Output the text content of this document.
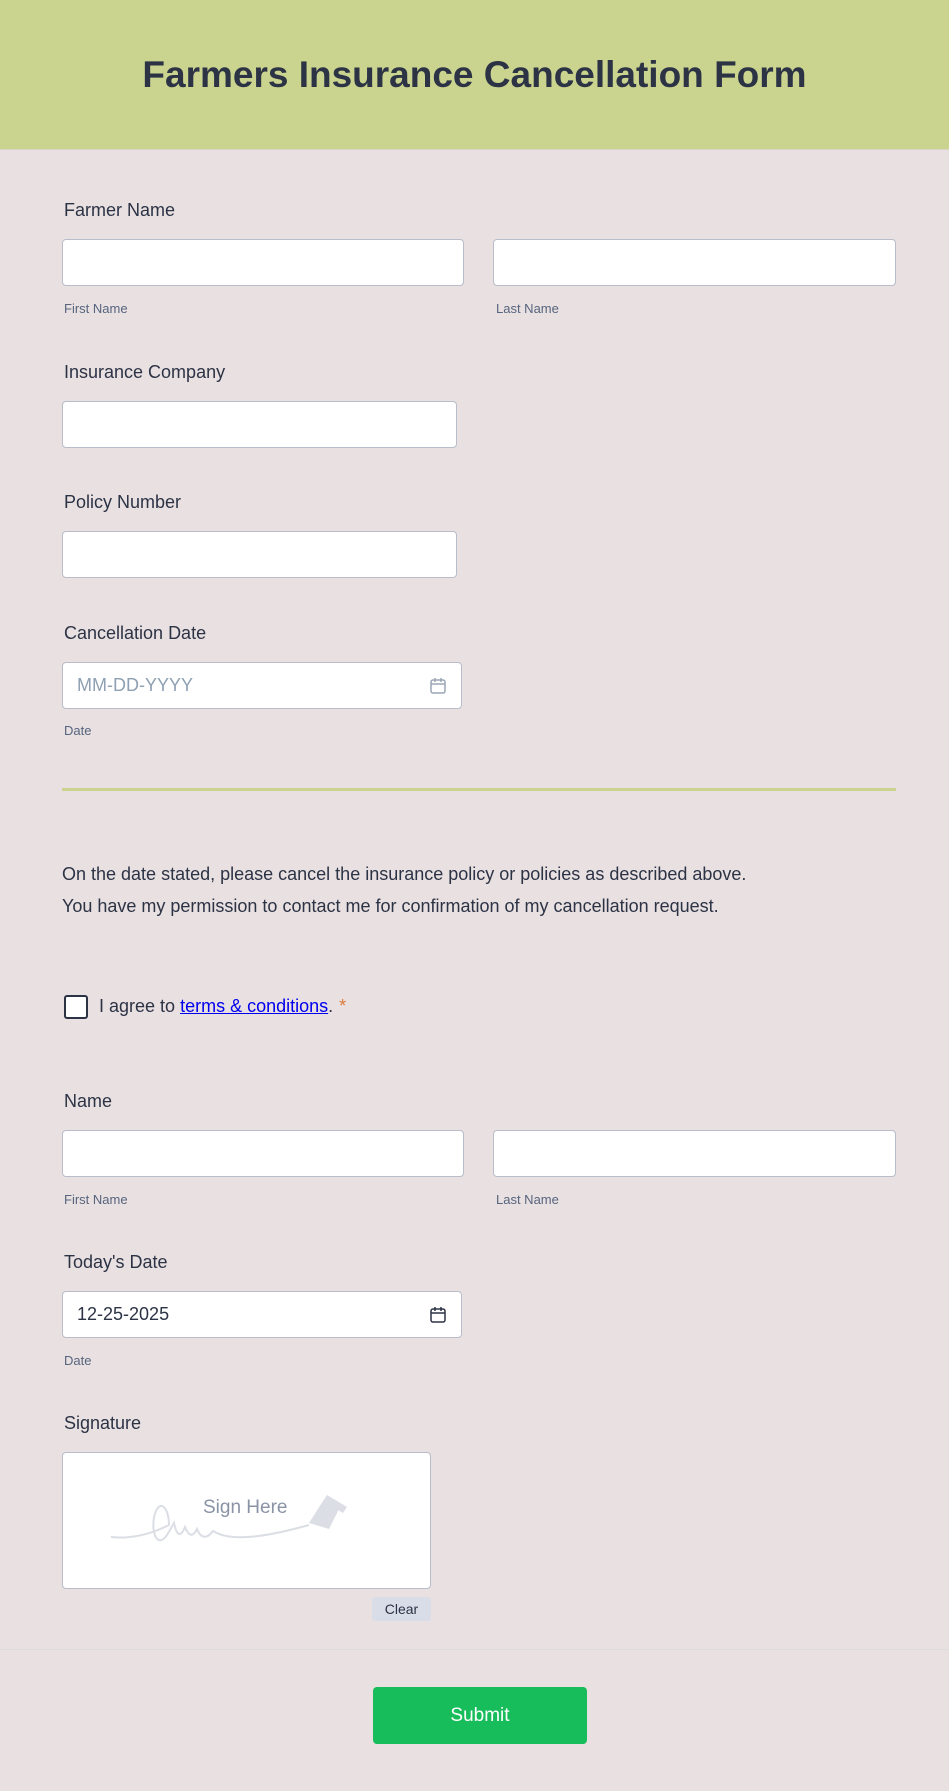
Farmers Insurance Cancellation Form
Farmer Name
First Name	Last Name
Insurance Company
Policy Number
Cancellation Date
MM-DD-YYYY
Date
On the date stated, please cancel the insurance policy or policies as described above.
You have my permission to contact me for confirmation of my cancellation request.
I agree to terms & conditions. *
Name
First Name	Last Name
Today's Date
12-25-2025
Date
Signature
Sign Here
Clear
Submit
